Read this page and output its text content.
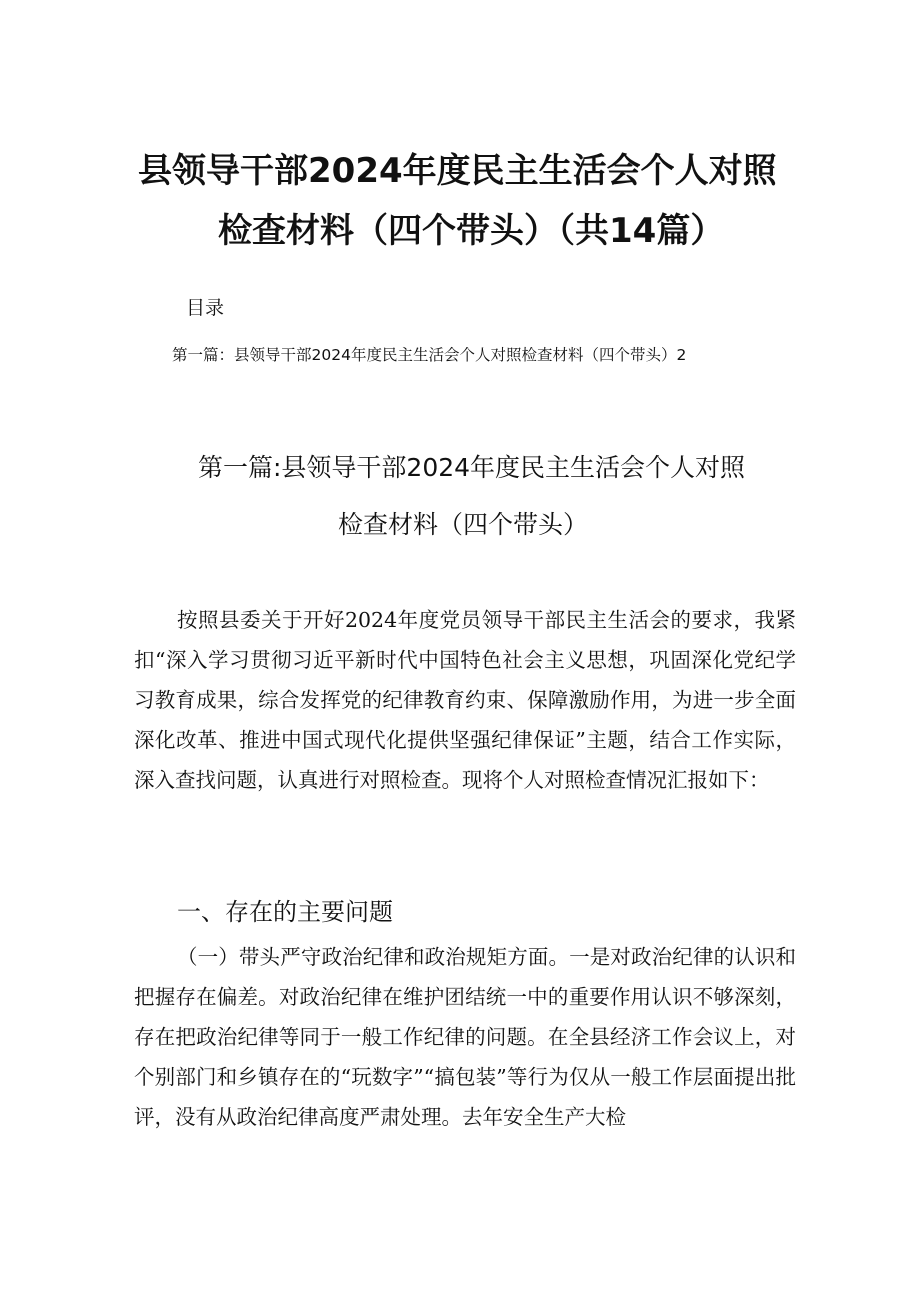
县领导干部2024年度民主生活会个人对照
检查材料（四个带头）（共14篇）
目录
第一篇：县领导干部2024年度民主生活会个人对照检查材料（四个带头）2
第一篇:县领导干部2024年度民主生活会个人对照
检查材料（四个带头）

按照县委关于开好2024年度党员领导干部民主生活会的要求，我紧扣“深入学习贯彻习近平新时代中国特色社会主义思想，巩固深化党纪学习教育成果，综合发挥党的纪律教育约束、保障激励作用，为进一步全面深化改革、推进中国式现代化提供坚强纪律保证”主题，结合工作实际，深入查找问题，认真进行对照检查。现将个人对照检查情况汇报如下：

一、存在的主要问题

（一）带头严守政治纪律和政治规矩方面。一是对政治纪律的认识和把握存在偏差。对政治纪律在维护团结统一中的重要作用认识不够深刻，存在把政治纪律等同于一般工作纪律的问题。在全县经济工作会议上，对个别部门和乡镇存在的“玩数字”“搞包装”等行为仅从一般工作层面提出批评，没有从政治纪律高度严肃处理。去年安全生产大检
